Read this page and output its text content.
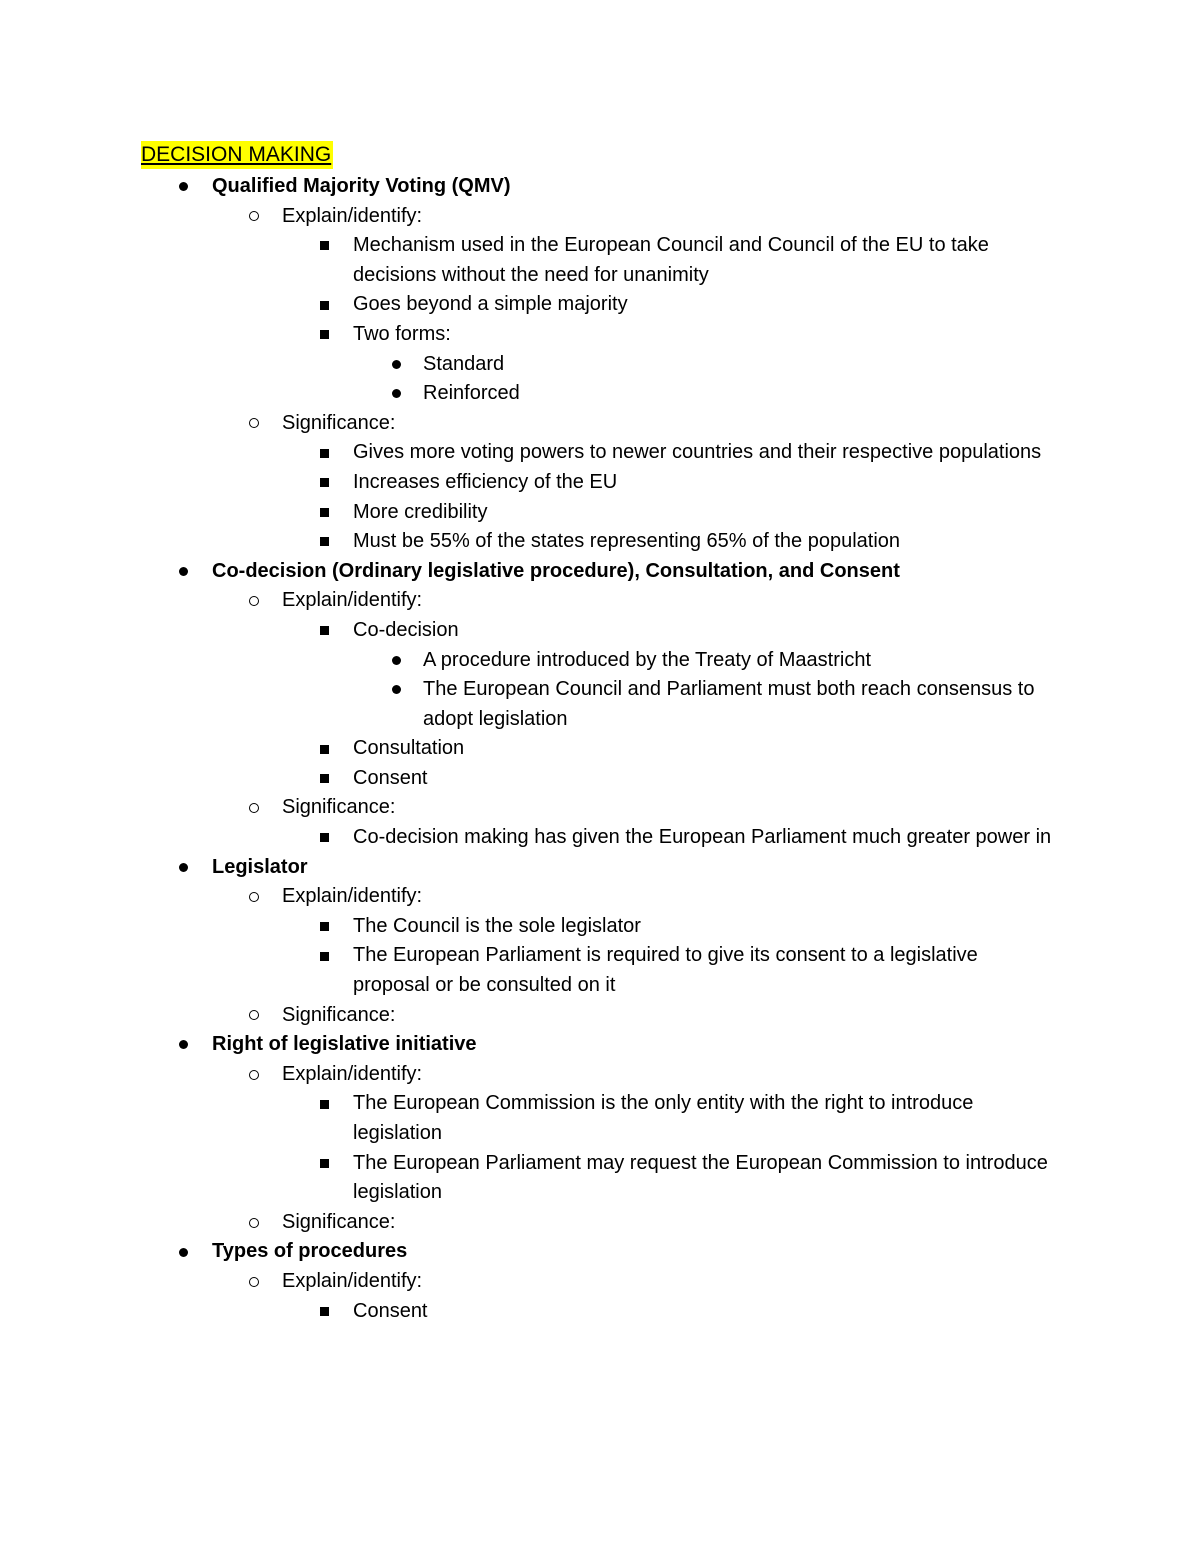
DECISION MAKING
Qualified Majority Voting (QMV)
Explain/identify:
Mechanism used in the European Council and Council of the EU to take decisions without the need for unanimity
Goes beyond a simple majority
Two forms:
Standard
Reinforced
Significance:
Gives more voting powers to newer countries and their respective populations
Increases efficiency of the EU
More credibility
Must be 55% of the states representing 65% of the population
Co-decision (Ordinary legislative procedure), Consultation, and Consent
Explain/identify:
Co-decision
A procedure introduced by the Treaty of Maastricht
The European Council and Parliament must both reach consensus to adopt legislation
Consultation
Consent
Significance:
Co-decision making has given the European Parliament much greater power in
Legislator
Explain/identify:
The Council is the sole legislator
The European Parliament is required to give its consent to a legislative proposal or be consulted on it
Significance:
Right of legislative initiative
Explain/identify:
The European Commission is the only entity with the right to introduce legislation
The European Parliament may request the European Commission to introduce legislation
Significance:
Types of procedures
Explain/identify:
Consent
